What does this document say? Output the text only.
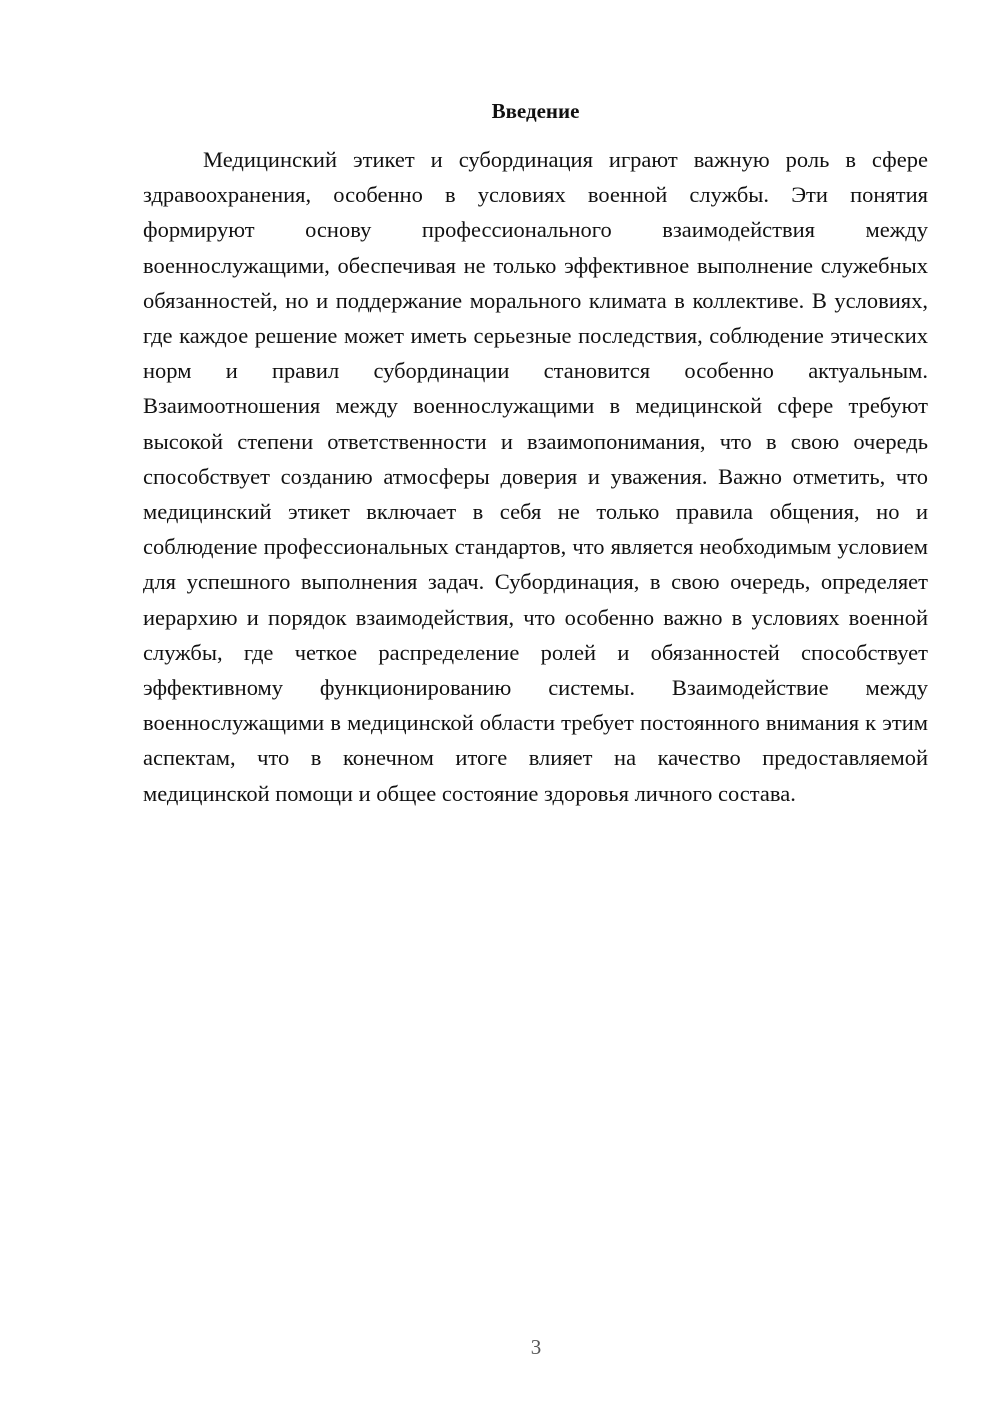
Введение

Медицинский этикет и субординация играют важную роль в сфере здравоохранения, особенно в условиях военной службы. Эти понятия формируют основу профессионального взаимодействия между военнослужащими, обеспечивая не только эффективное выполнение служебных обязанностей, но и поддержание морального климата в коллективе. В условиях, где каждое решение может иметь серьезные последствия, соблюдение этических норм и правил субординации становится особенно актуальным. Взаимоотношения между военнослужащими в медицинской сфере требуют высокой степени ответственности и взаимопонимания, что в свою очередь способствует созданию атмосферы доверия и уважения. Важно отметить, что медицинский этикет включает в себя не только правила общения, но и соблюдение профессиональных стандартов, что является необходимым условием для успешного выполнения задач. Субординация, в свою очередь, определяет иерархию и порядок взаимодействия, что особенно важно в условиях военной службы, где четкое распределение ролей и обязанностей способствует эффективному функционированию системы. Взаимодействие между военнослужащими в медицинской области требует постоянного внимания к этим аспектам, что в конечном итоге влияет на качество предоставляемой медицинской помощи и общее состояние здоровья личного состава.

3
